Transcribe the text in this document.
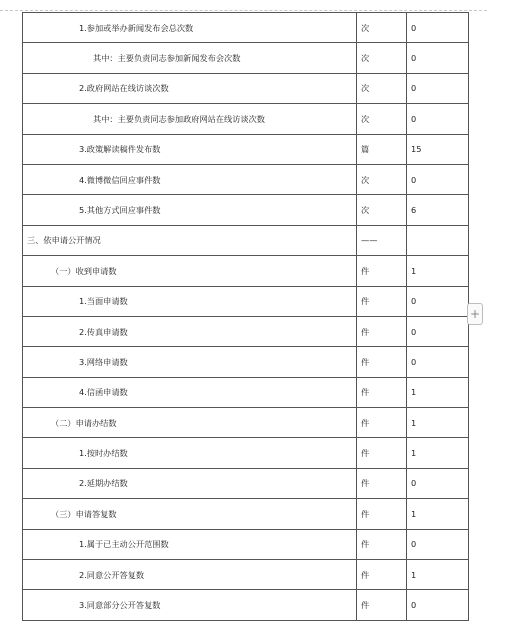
1.参加或举办新闻发布会总次数	次	0
其中：主要负责同志参加新闻发布会次数	次	0
2.政府网站在线访谈次数	次	0
其中：主要负责同志参加政府网站在线访谈次数	次	0
3.政策解读稿件发布数	篇	15
4.微博微信回应事件数	次	0
5.其他方式回应事件数	次	6
三、依申请公开情况	——	
（一）收到申请数	件	1
1.当面申请数	件	0
2.传真申请数	件	0
3.网络申请数	件	0
4.信函申请数	件	1
（二）申请办结数	件	1
1.按时办结数	件	1
2.延期办结数	件	0
（三）申请答复数	件	1
1.属于已主动公开范围数	件	0
2.同意公开答复数	件	1
3.同意部分公开答复数	件	0
+
